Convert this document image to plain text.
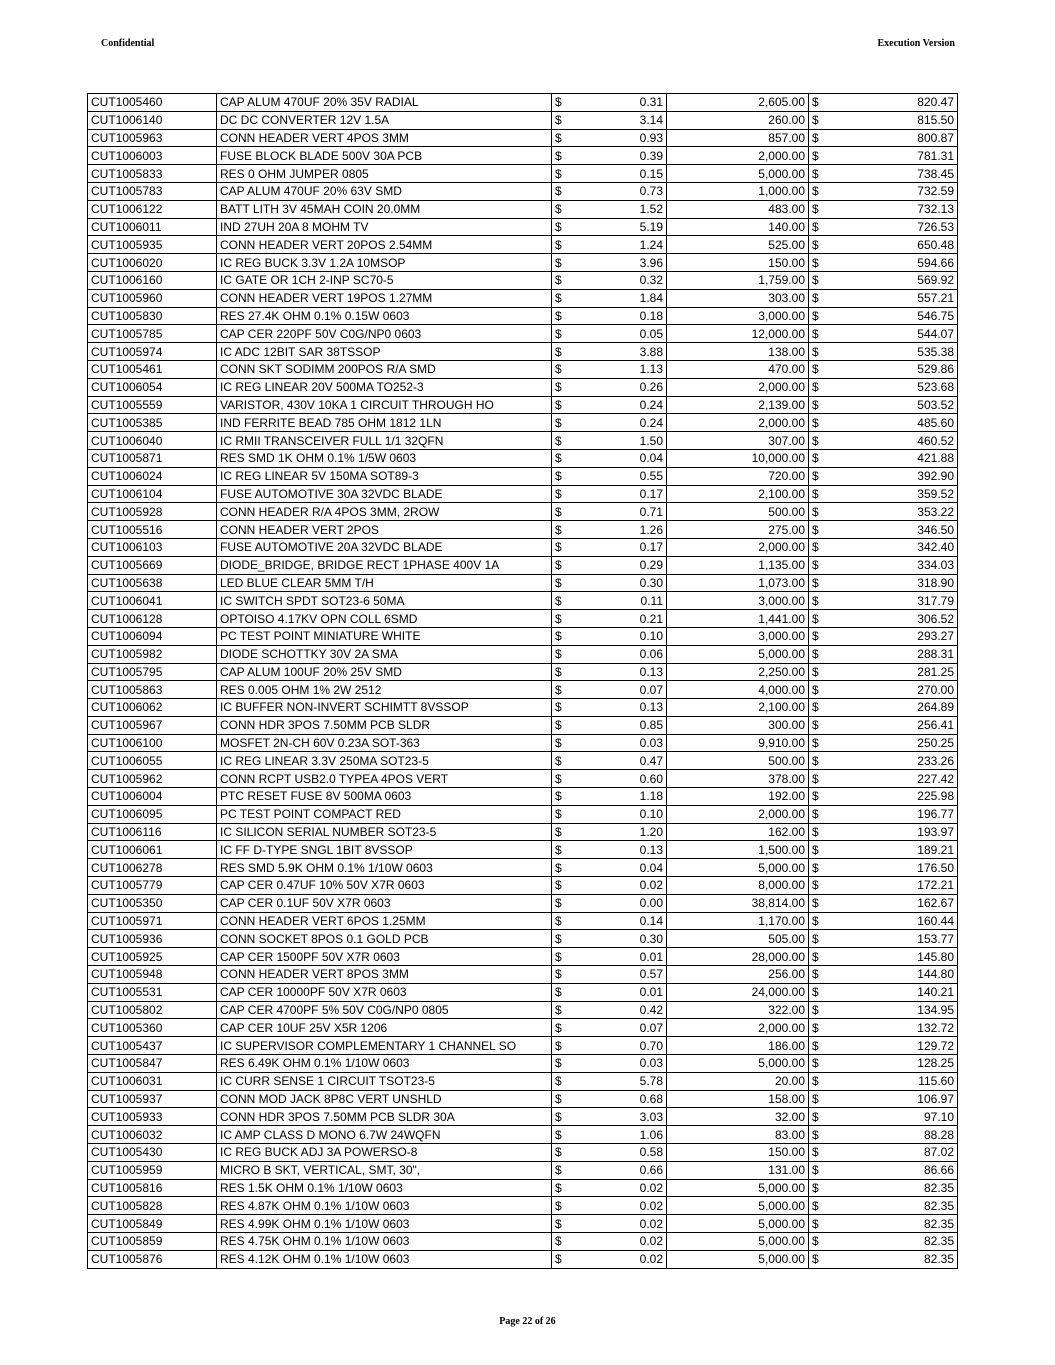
Confidential	Execution Version
CUT1005460	CAP ALUM 470UF 20% 35V RADIAL	$	0.31	2,605.00	$	820.47
CUT1006140	DC DC CONVERTER 12V 1.5A	$	3.14	260.00	$	815.50
CUT1005963	CONN HEADER VERT 4POS 3MM	$	0.93	857.00	$	800.87
CUT1006003	FUSE BLOCK BLADE 500V 30A PCB	$	0.39	2,000.00	$	781.31
CUT1005833	RES 0 OHM JUMPER 0805	$	0.15	5,000.00	$	738.45
CUT1005783	CAP ALUM 470UF 20% 63V SMD	$	0.73	1,000.00	$	732.59
CUT1006122	BATT LITH 3V 45MAH COIN 20.0MM	$	1.52	483.00	$	732.13
CUT1006011	IND 27UH 20A 8 MOHM TV	$	5.19	140.00	$	726.53
CUT1005935	CONN HEADER VERT 20POS 2.54MM	$	1.24	525.00	$	650.48
CUT1006020	IC REG BUCK 3.3V 1.2A 10MSOP	$	3.96	150.00	$	594.66
CUT1006160	IC GATE OR 1CH 2-INP SC70-5	$	0.32	1,759.00	$	569.92
CUT1005960	CONN HEADER VERT 19POS 1.27MM	$	1.84	303.00	$	557.21
CUT1005830	RES 27.4K OHM 0.1% 0.15W 0603	$	0.18	3,000.00	$	546.75
CUT1005785	CAP CER 220PF 50V C0G/NP0 0603	$	0.05	12,000.00	$	544.07
CUT1005974	IC ADC 12BIT SAR 38TSSOP	$	3.88	138.00	$	535.38
CUT1005461	CONN SKT SODIMM 200POS R/A SMD	$	1.13	470.00	$	529.86
CUT1006054	IC REG LINEAR 20V 500MA TO252-3	$	0.26	2,000.00	$	523.68
CUT1005559	VARISTOR, 430V 10KA 1 CIRCUIT THROUGH HO	$	0.24	2,139.00	$	503.52
CUT1005385	IND FERRITE BEAD 785 OHM 1812 1LN	$	0.24	2,000.00	$	485.60
CUT1006040	IC RMII TRANSCEIVER FULL 1/1 32QFN	$	1.50	307.00	$	460.52
CUT1005871	RES SMD 1K OHM 0.1% 1/5W 0603	$	0.04	10,000.00	$	421.88
CUT1006024	IC REG LINEAR 5V 150MA SOT89-3	$	0.55	720.00	$	392.90
CUT1006104	FUSE AUTOMOTIVE 30A 32VDC BLADE	$	0.17	2,100.00	$	359.52
CUT1005928	CONN HEADER R/A 4POS 3MM, 2ROW	$	0.71	500.00	$	353.22
CUT1005516	CONN HEADER VERT 2POS	$	1.26	275.00	$	346.50
CUT1006103	FUSE AUTOMOTIVE 20A 32VDC BLADE	$	0.17	2,000.00	$	342.40
CUT1005669	DIODE_BRIDGE, BRIDGE RECT 1PHASE 400V 1A	$	0.29	1,135.00	$	334.03
CUT1005638	LED BLUE CLEAR 5MM T/H	$	0.30	1,073.00	$	318.90
CUT1006041	IC SWITCH SPDT SOT23-6 50MA	$	0.11	3,000.00	$	317.79
CUT1006128	OPTOISO 4.17KV OPN COLL 6SMD	$	0.21	1,441.00	$	306.52
CUT1006094	PC TEST POINT MINIATURE WHITE	$	0.10	3,000.00	$	293.27
CUT1005982	DIODE SCHOTTKY 30V 2A SMA	$	0.06	5,000.00	$	288.31
CUT1005795	CAP ALUM 100UF 20% 25V SMD	$	0.13	2,250.00	$	281.25
CUT1005863	RES 0.005 OHM 1% 2W 2512	$	0.07	4,000.00	$	270.00
CUT1006062	IC BUFFER NON-INVERT SCHIMTT 8VSSOP	$	0.13	2,100.00	$	264.89
CUT1005967	CONN HDR 3POS 7.50MM PCB SLDR	$	0.85	300.00	$	256.41
CUT1006100	MOSFET 2N-CH 60V 0.23A SOT-363	$	0.03	9,910.00	$	250.25
CUT1006055	IC REG LINEAR 3.3V 250MA SOT23-5	$	0.47	500.00	$	233.26
CUT1005962	CONN RCPT USB2.0 TYPEA 4POS VERT	$	0.60	378.00	$	227.42
CUT1006004	PTC RESET FUSE 8V 500MA 0603	$	1.18	192.00	$	225.98
CUT1006095	PC TEST POINT COMPACT RED	$	0.10	2,000.00	$	196.77
CUT1006116	IC SILICON SERIAL NUMBER SOT23-5	$	1.20	162.00	$	193.97
CUT1006061	IC FF D-TYPE SNGL 1BIT 8VSSOP	$	0.13	1,500.00	$	189.21
CUT1006278	RES SMD 5.9K OHM 0.1% 1/10W 0603	$	0.04	5,000.00	$	176.50
CUT1005779	CAP CER 0.47UF 10% 50V X7R 0603	$	0.02	8,000.00	$	172.21
CUT1005350	CAP CER 0.1UF 50V X7R 0603	$	0.00	38,814.00	$	162.67
CUT1005971	CONN HEADER VERT 6POS 1.25MM	$	0.14	1,170.00	$	160.44
CUT1005936	CONN SOCKET 8POS 0.1 GOLD PCB	$	0.30	505.00	$	153.77
CUT1005925	CAP CER 1500PF 50V X7R 0603	$	0.01	28,000.00	$	145.80
CUT1005948	CONN HEADER VERT 8POS 3MM	$	0.57	256.00	$	144.80
CUT1005531	CAP CER 10000PF 50V X7R 0603	$	0.01	24,000.00	$	140.21
CUT1005802	CAP CER 4700PF 5% 50V C0G/NP0 0805	$	0.42	322.00	$	134.95
CUT1005360	CAP CER 10UF 25V X5R 1206	$	0.07	2,000.00	$	132.72
CUT1005437	IC SUPERVISOR COMPLEMENTARY 1 CHANNEL SO	$	0.70	186.00	$	129.72
CUT1005847	RES 6.49K OHM 0.1% 1/10W 0603	$	0.03	5,000.00	$	128.25
CUT1006031	IC CURR SENSE 1 CIRCUIT TSOT23-5	$	5.78	20.00	$	115.60
CUT1005937	CONN MOD JACK 8P8C VERT UNSHLD	$	0.68	158.00	$	106.97
CUT1005933	CONN HDR 3POS 7.50MM PCB SLDR 30A	$	3.03	32.00	$	97.10
CUT1006032	IC AMP CLASS D MONO 6.7W 24WQFN	$	1.06	83.00	$	88.28
CUT1005430	IC REG BUCK ADJ 3A POWERSO-8	$	0.58	150.00	$	87.02
CUT1005959	MICRO B SKT, VERTICAL, SMT, 30",	$	0.66	131.00	$	86.66
CUT1005816	RES 1.5K OHM 0.1% 1/10W 0603	$	0.02	5,000.00	$	82.35
CUT1005828	RES 4.87K OHM 0.1% 1/10W 0603	$	0.02	5,000.00	$	82.35
CUT1005849	RES 4.99K OHM 0.1% 1/10W 0603	$	0.02	5,000.00	$	82.35
CUT1005859	RES 4.75K OHM 0.1% 1/10W 0603	$	0.02	5,000.00	$	82.35
CUT1005876	RES 4.12K OHM 0.1% 1/10W 0603	$	0.02	5,000.00	$	82.35
Page 22 of 26
